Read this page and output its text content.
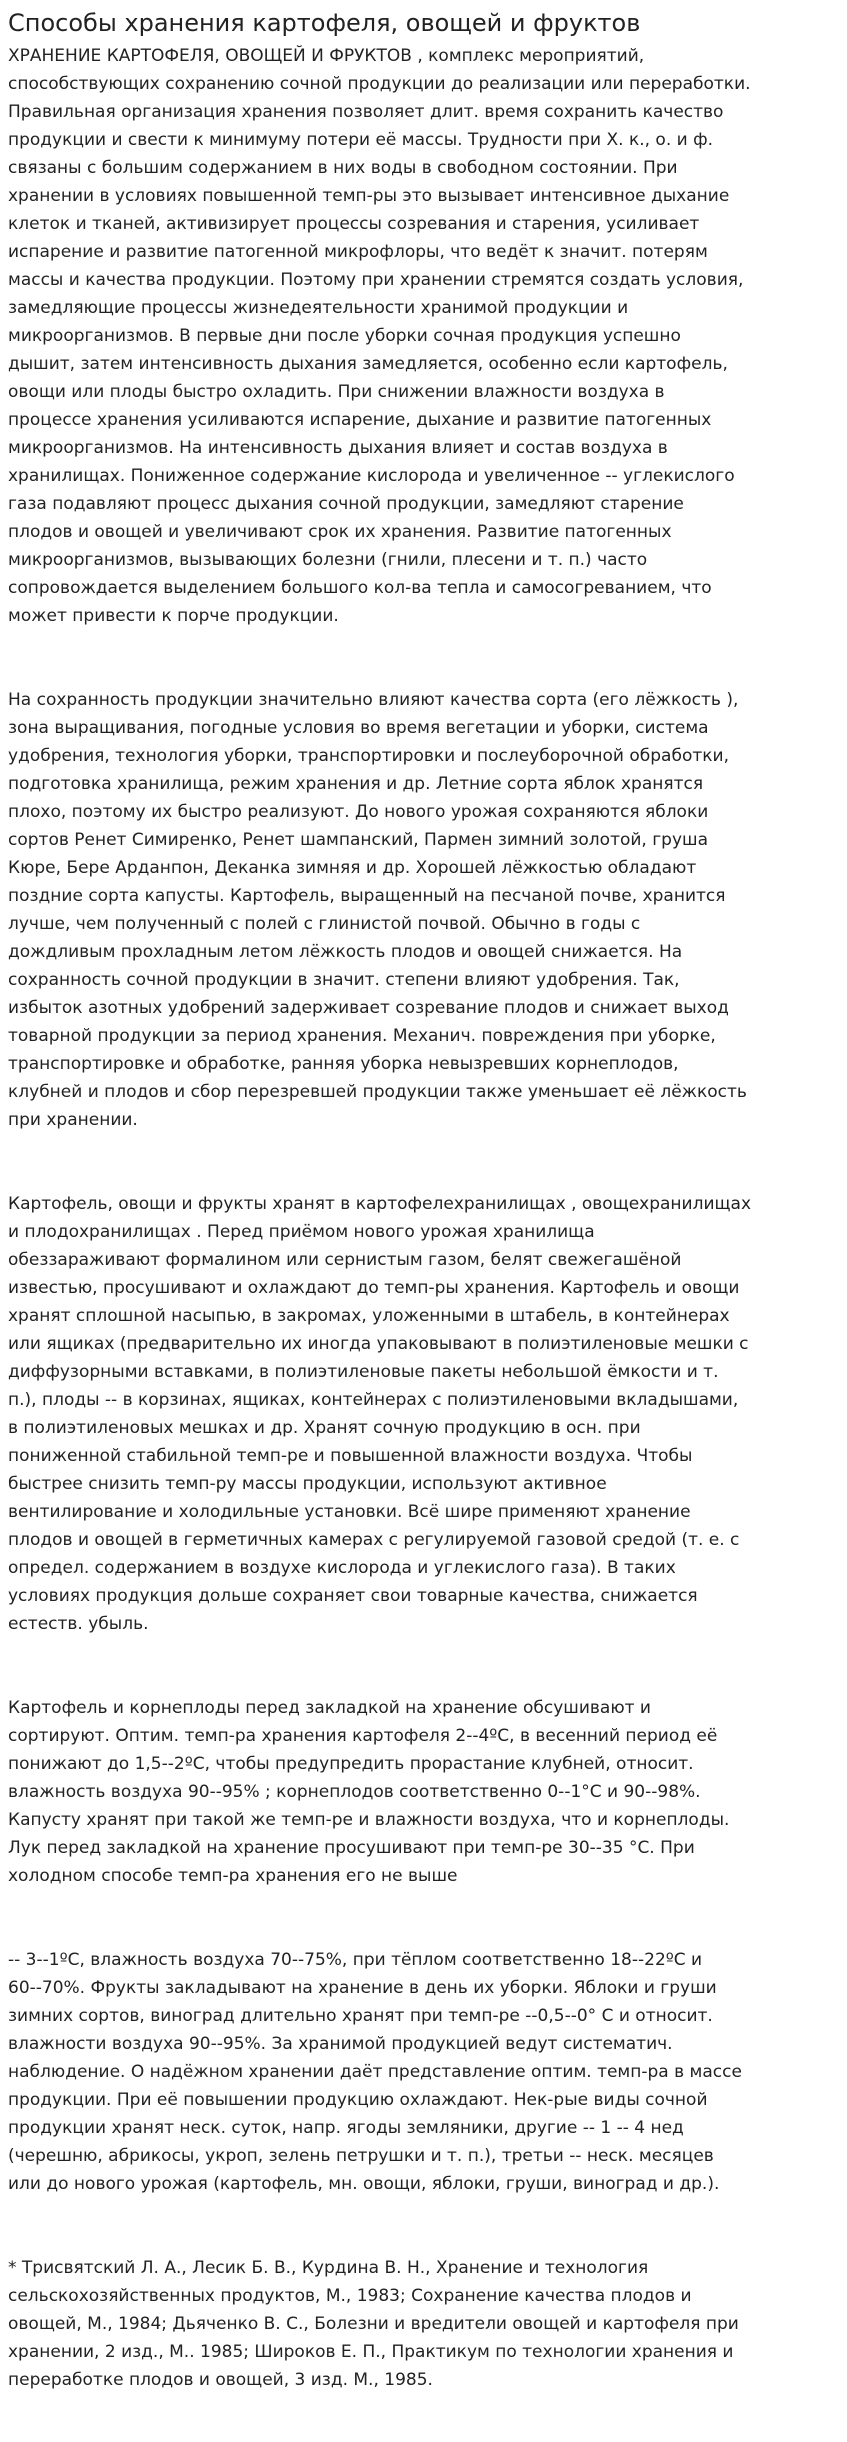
Способы хранения картофеля, овощей и фруктов

ХРАНЕНИЕ КАРТОФЕЛЯ, ОВОЩЕЙ И ФРУКТОВ , комплекс мероприятий,
способствующих сохранению сочной продукции до реализации или переработки.
Правильная организация хранения позволяет длит. время сохранить качество
продукции и свести к минимуму потери её массы. Трудности при Х. к., о. и ф.
связаны с большим содержанием в них воды в свободном состоянии. При
хранении в условиях повышенной темп-ры это вызывает интенсивное дыхание
клеток и тканей, активизирует процессы созревания и старения, усиливает
испарение и развитие патогенной микрофлоры, что ведёт к значит. потерям
массы и качества продукции. Поэтому при хранении стремятся создать условия,
замедляющие процессы жизнедеятельности хранимой продукции и
микроорганизмов. В первые дни после уборки сочная продукция успешно
дышит, затем интенсивность дыхания замедляется, особенно если картофель,
овощи или плоды быстро охладить. При снижении влажности воздуха в
процессе хранения усиливаются испарение, дыхание и развитие патогенных
микроорганизмов. На интенсивность дыхания влияет и состав воздуха в
хранилищах. Пониженное содержание кислорода и увеличенное -- углекислого
газа подавляют процесс дыхания сочной продукции, замедляют старение
плодов и овощей и увеличивают срок их хранения. Развитие патогенных
микроорганизмов, вызывающих болезни (гнили, плесени и т. п.) часто
сопровождается выделением большого кол-ва тепла и самосогреванием, что
может привести к порче продукции.

На сохранность продукции значительно влияют качества сорта (его лёжкость ),
зона выращивания, погодные условия во время вегетации и уборки, система
удобрения, технология уборки, транспортировки и послеуборочной обработки,
подготовка хранилища, режим хранения и др. Летние сорта яблок хранятся
плохо, поэтому их быстро реализуют. До нового урожая сохраняются яблоки
сортов Ренет Симиренко, Ренет шампанский, Пармен зимний золотой, груша
Кюре, Бере Арданпон, Деканка зимняя и др. Хорошей лёжкостью обладают
поздние сорта капусты. Картофель, выращенный на песчаной почве, хранится
лучше, чем полученный с полей с глинистой почвой. Обычно в годы с
дождливым прохладным летом лёжкость плодов и овощей снижается. На
сохранность сочной продукции в значит. степени влияют удобрения. Так,
избыток азотных удобрений задерживает созревание плодов и снижает выход
товарной продукции за период хранения. Механич. повреждения при уборке,
транспортировке и обработке, ранняя уборка невызревших корнеплодов,
клубней и плодов и сбор перезревшей продукции также уменьшает её лёжкость
при хранении.

Картофель, овощи и фрукты хранят в картофелехранилищах , овощехранилищах
и плодохранилищах . Перед приёмом нового урожая хранилища
обеззараживают формалином или сернистым газом, белят свежегашёной
известью, просушивают и охлаждают до темп-ры хранения. Картофель и овощи
хранят сплошной насыпью, в закромах, уложенными в штабель, в контейнерах
или ящиках (предварительно их иногда упаковывают в полиэтиленовые мешки с
диффузорными вставками, в полиэтиленовые пакеты небольшой ёмкости и т.
п.), плоды -- в корзинах, ящиках, контейнерах с полиэтиленовыми вкладышами,
в полиэтиленовых мешках и др. Хранят сочную продукцию в осн. при
пониженной стабильной темп-ре и повышенной влажности воздуха. Чтобы
быстрее снизить темп-ру массы продукции, используют активное
вентилирование и холодильные установки. Всё шире применяют хранение
плодов и овощей в герметичных камерах с регулируемой газовой средой (т. е. с
определ. содержанием в воздухе кислорода и углекислого газа). В таких
условиях продукция дольше сохраняет свои товарные качества, снижается
естеств. убыль.

Картофель и корнеплоды перед закладкой на хранение обсушивают и
сортируют. Оптим. темп-ра хранения картофеля 2--4ºС, в весенний период её
понижают до 1,5--2ºС, чтобы предупредить прорастание клубней, относит.
влажность воздуха 90--95% ; корнеплодов соответственно 0--1°С и 90--98%.
Капусту хранят при такой же темп-ре и влажности воздуха, что и корнеплоды.
Лук перед закладкой на хранение просушивают при темп-ре 30--35 °С. При
холодном способе темп-ра хранения его не выше

-- 3--1ºС, влажность воздуха 70--75%, при тёплом соответственно 18--22ºС и
60--70%. Фрукты закладывают на хранение в день их уборки. Яблоки и груши
зимних сортов, виноград длительно хранят при темп-ре --0,5--0° С и относит.
влажности воздуха 90--95%. За хранимой продукцией ведут систематич.
наблюдение. О надёжном хранении даёт представление оптим. темп-ра в массе
продукции. При её повышении продукцию охлаждают. Нек-рые виды сочной
продукции хранят неск. суток, напр. ягоды земляники, другие -- 1 -- 4 нед
(черешню, абрикосы, укроп, зелень петрушки и т. п.), третьи -- неск. месяцев
или до нового урожая (картофель, мн. овощи, яблоки, груши, виноград и др.).

* Трисвятский Л. А., Лесик Б. В., Курдина В. Н., Хранение и технология
сельскохозяйственных продуктов, М., 1983; Сохранение качества плодов и
овощей, М., 1984; Дьяченко В. С., Болезни и вредители овощей и картофеля при
хранении, 2 изд., М.. 1985; Широков Е. П., Практикум по технологии хранения и
переработке плодов и овощей, 3 изд. М., 1985.
